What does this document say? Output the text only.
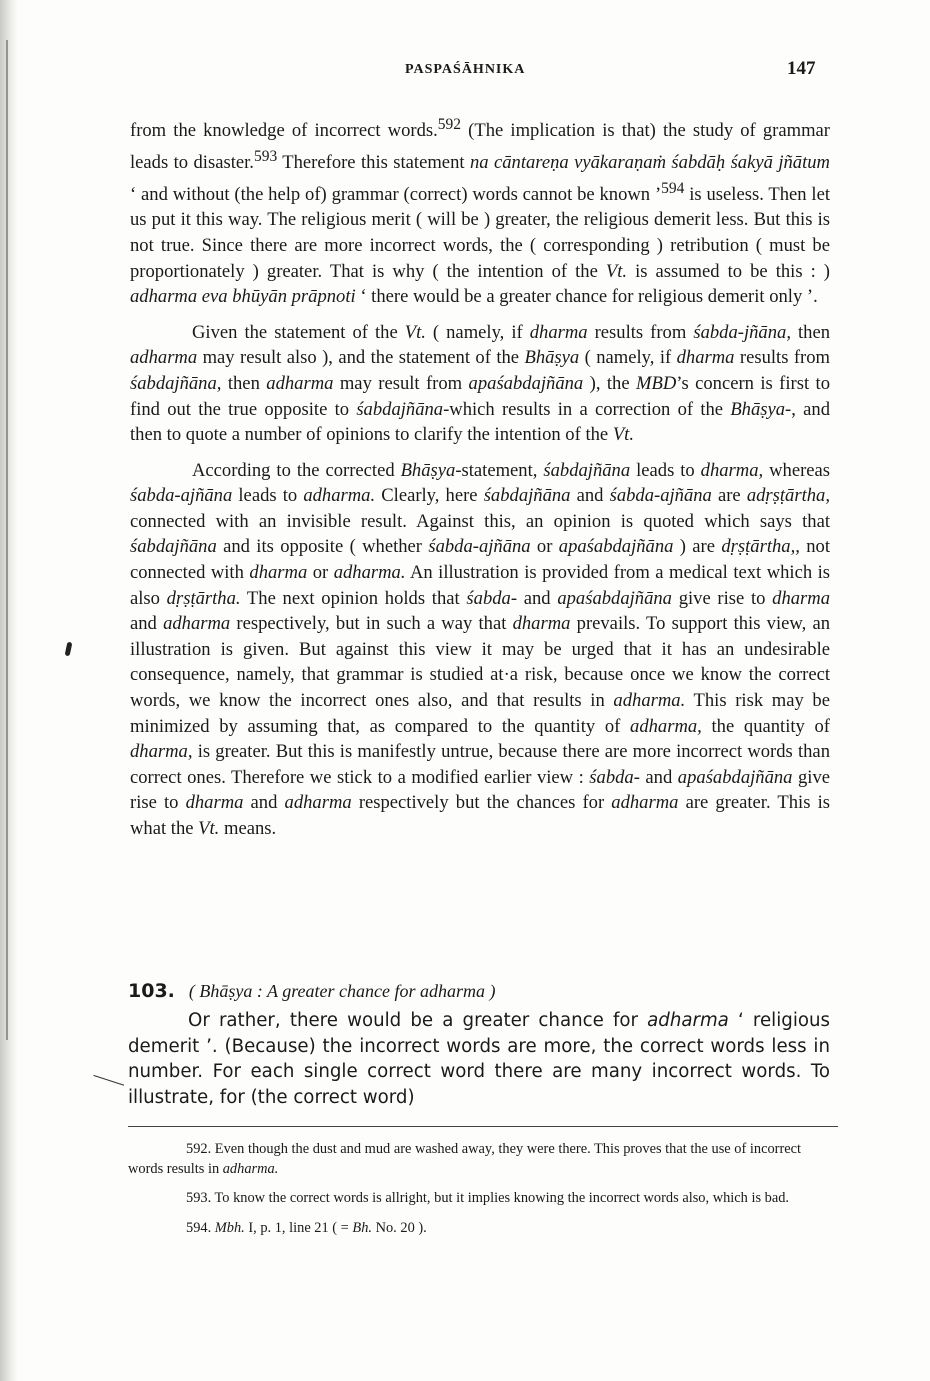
PASPAŚĀHNIKA	147

from the knowledge of incorrect words.$^{592}$ (The implication is that) the study of grammar leads to disaster.$^{593}$ Therefore this statement na cāntareṇa vyākaraṇaṁ śabdāḥ śakyā jñātum ‘ and without (the help of) grammar (correct) words cannot be known ’$^{594}$ is useless. Then let us put it this way. The religious merit ( will be ) greater, the religious demerit less. But this is not true. Since there are more incorrect words, the ( corresponding ) retribution ( must be proportionately ) greater. That is why ( the intention of the Vt. is assumed to be this : ) adharma eva bhūyān prāpnoti ‘ there would be a greater chance for religious demerit only ’.

Given the statement of the Vt. ( namely, if dharma results from śabda-jñāna, then adharma may result also ), and the statement of the Bhāṣya ( namely, if dharma results from śabdajñāna, then adharma may result from apaśabdajñāna ), the MBD’s concern is first to find out the true opposite to śabdajñāna-which results in a correction of the Bhāṣya-, and then to quote a number of opinions to clarify the intention of the Vt.

According to the corrected Bhāṣya-statement, śabdajñāna leads to dharma, whereas śabda-ajñāna leads to adharma. Clearly, here śabdajñāna and śabda-ajñāna are adṛṣṭārtha, connected with an invisible result. Against this, an opinion is quoted which says that śabdajñāna and its opposite ( whether śabda-ajñāna or apaśabdajñāna ) are dṛṣṭārtha,, not connected with dharma or adharma. An illustration is provided from a medical text which is also dṛṣṭārtha. The next opinion holds that śabda- and apaśabdajñāna give rise to dharma and adharma respectively, but in such a way that dharma prevails. To support this view, an illustration is given. But against this view it may be urged that it has an undesirable consequence, namely, that grammar is studied at·a risk, because once we know the correct words, we know the incorrect ones also, and that results in adharma. This risk may be minimized by assuming that, as compared to the quantity of adharma, the quantity of dharma, is greater. But this is manifestly untrue, because there are more incorrect words than correct ones. Therefore we stick to a modified earlier view : śabda- and apaśabdajñāna give rise to dharma and adharma respectively but the chances for adharma are greater. This is what the Vt. means.

103. ( Bhāṣya : A greater chance for adharma )

Or rather, there would be a greater chance for adharma ‘ religious demerit ’. (Because) the incorrect words are more, the correct words less in number. For each single correct word there are many incorrect words. To illustrate, for (the correct word)

592. Even though the dust and mud are washed away, they were there. This proves that the use of incorrect words results in adharma.

593. To know the correct words is allright, but it implies knowing the incorrect words also, which is bad.

594. Mbh. I, p. 1, line 21 ( = Bh. No. 20 ).
